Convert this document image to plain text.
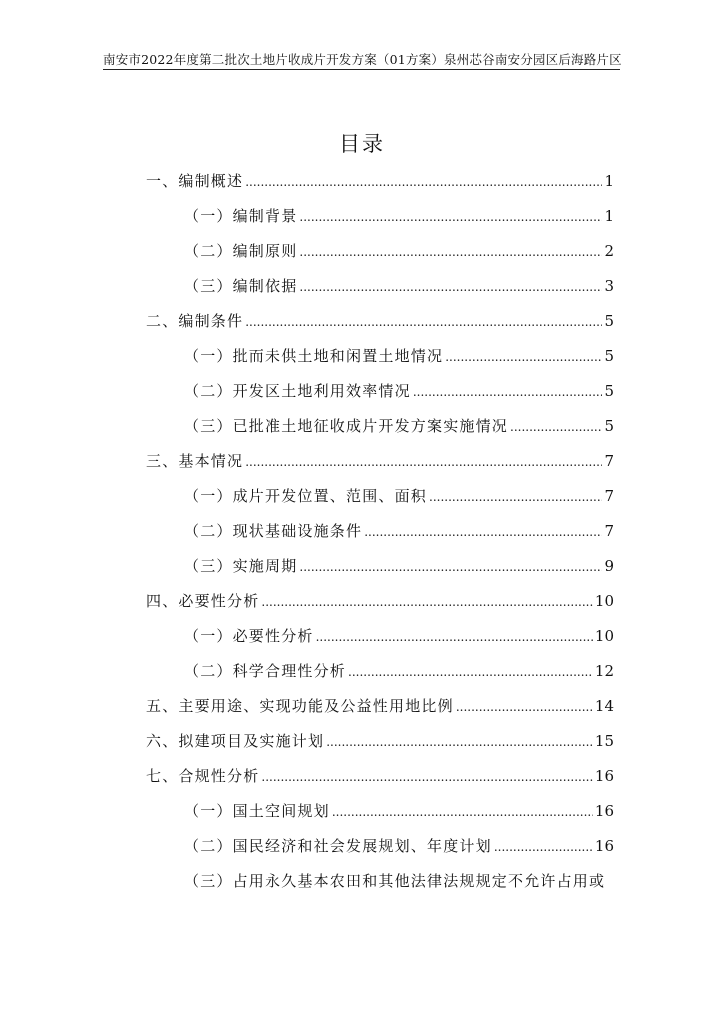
南安市2022年度第二批次土地片收成片开发方案（01方案）泉州芯谷南安分园区后海路片区
目录
一、编制概述 .....	1
（一）编制背景 .....	1
（二）编制原则 .....	2
（三）编制依据 .....	3
二、编制条件 .....	5
（一）批而未供土地和闲置土地情况 .....	5
（二）开发区土地利用效率情况 .....	5
（三）已批准土地征收成片开发方案实施情况 .....	5
三、基本情况 .....	7
（一）成片开发位置、范围、面积 .....	7
（二）现状基础设施条件 .....	7
（三）实施周期 .....	9
四、必要性分析 .....	10
（一）必要性分析 .....	10
（二）科学合理性分析 .....	12
五、主要用途、实现功能及公益性用地比例 .....	14
六、拟建项目及实施计划 .....	15
七、合规性分析 .....	16
（一）国土空间规划 .....	16
（二）国民经济和社会发展规划、年度计划 .....	16
（三）占用永久基本农田和其他法律法规规定不允许占用或
